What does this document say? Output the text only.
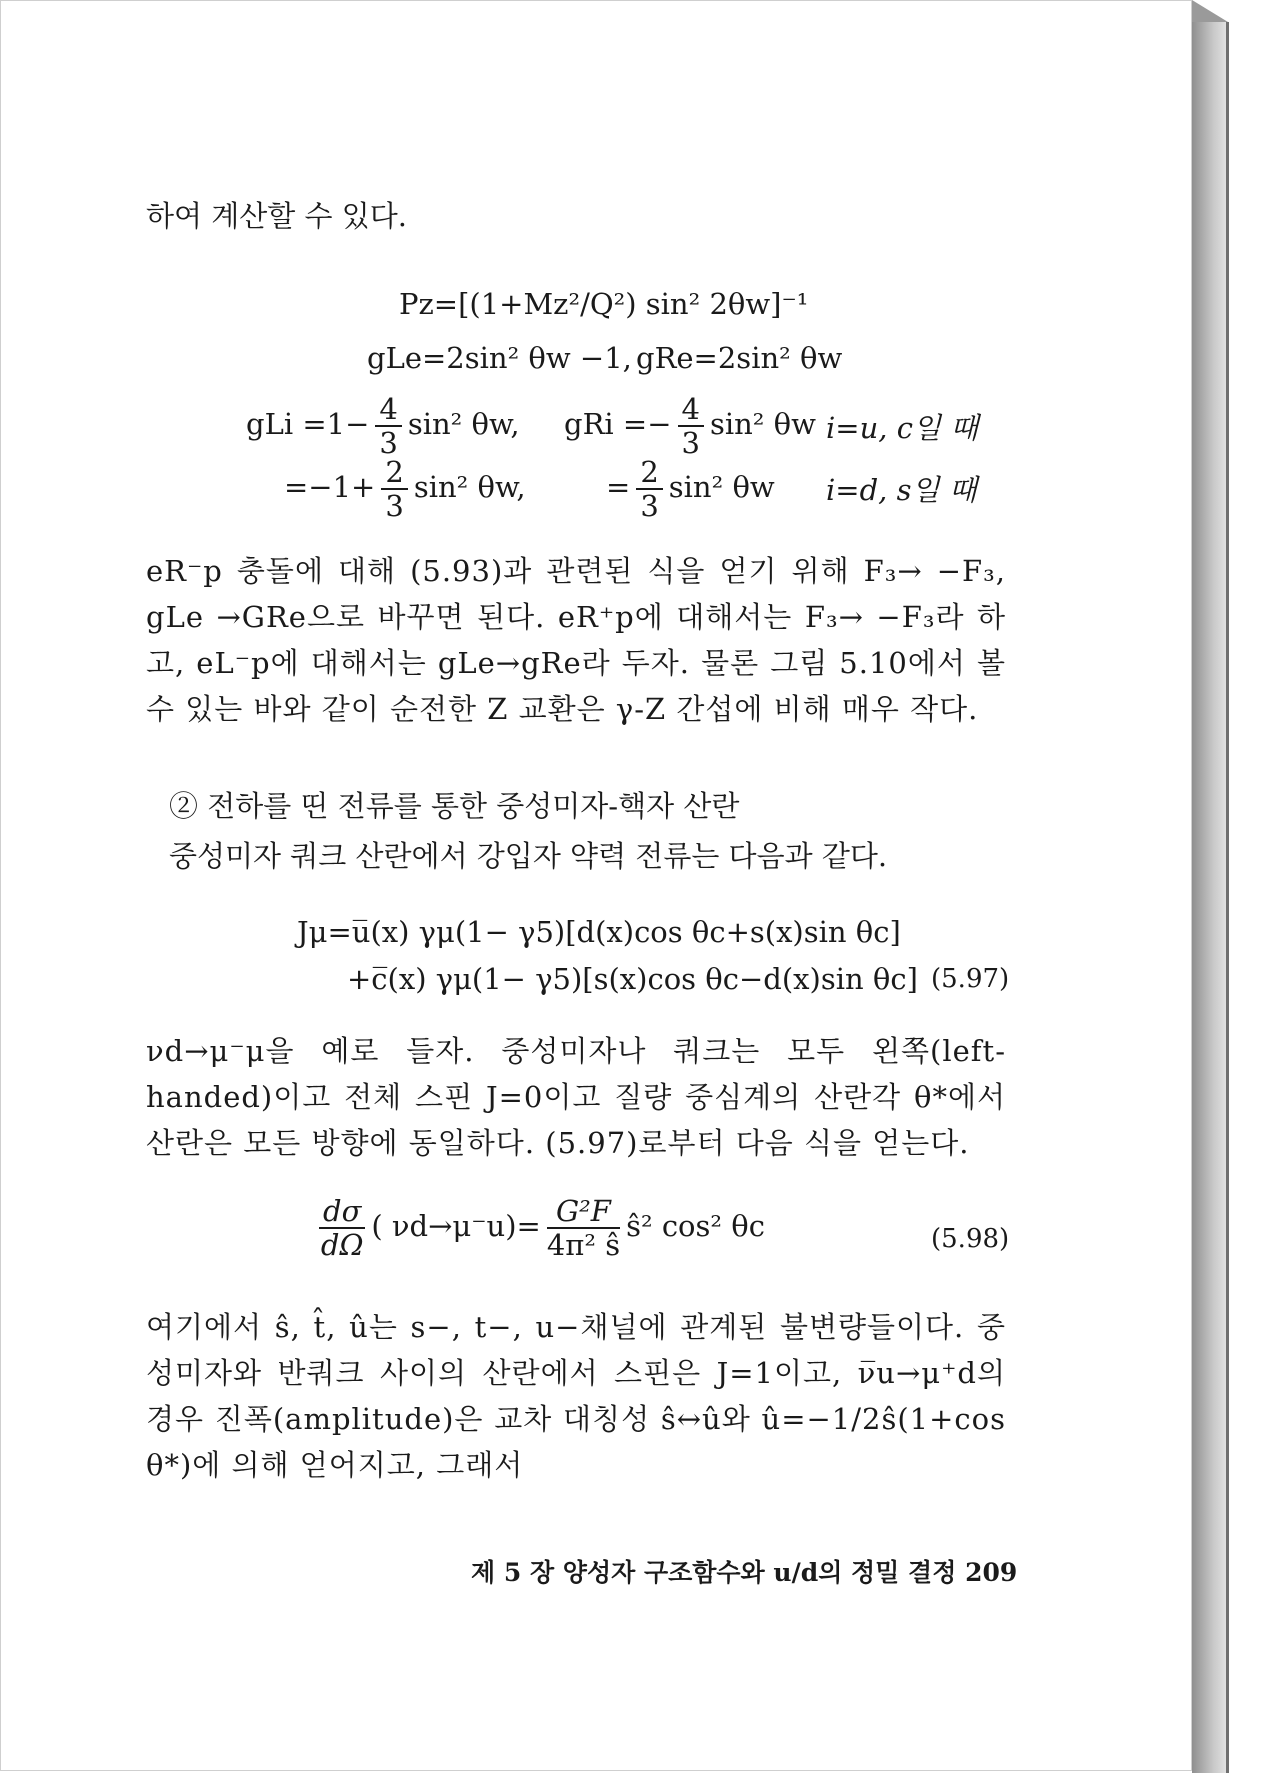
하여 계산할 수 있다.
Pz=[(1+Mz²/Q²) sin² 2θw]⁻¹
gLe=2sin² θw −1, gRe=2sin² θw
gLi $=1- \frac{4}{3} \sin^2$ θw, gRi =− $\frac{4}{3} \sin^2$ θw i=u, c일 때
$=-1+ \frac{2}{3} \sin^2$ θw,	= $\frac{2}{3} \sin^2$ θw i=d, s일 때
eR⁻p 충돌에 대해 (5.93)과 관련된 식을 얻기 위해 F₃→ −F₃, gLe →GRe으로 바꾸면 된다. eR⁺p에 대해서는 F₃→ −F₃라 하고, eL⁻p에 대해서는 gLe→gRe라 두자. 물론 그림 5.10에서 볼 수 있는 바와 같이 순전한 Z 교환은 γ-Z 간섭에 비해 매우 작다.
② 전하를 띤 전류를 통한 중성미자-핵자 산란
중성미자 쿼크 산란에서 강입자 약력 전류는 다음과 같다.
Jμ=u̅(x) γμ(1− γ5)[d(x)cos θc+s(x)sin θc]
+c̅(x) γμ(1− γ5)[s(x)cos θc−d(x)sin θc] (5.97)
νd→μ⁻μ을 예로 들자. 중성미자나 쿼크는 모두 왼쪽(left-handed)이고 전체 스핀 J=0이고 질량 중심계의 산란각 θ*에서 산란은 모든 방향에 동일하다. (5.97)로부터 다음 식을 얻는다.
$\frac{d\sigma}{d\Omega}$ ( $\nu d\to\mu^-u)= \frac{\text{G²F}}{\text{4π² ŝ}}$ ŝ² cos² θc	(5.98)
여기에서 ŝ, t̂, û는 s−, t−, u−채널에 관계된 불변량들이다. 중성미자와 반쿼크 사이의 산란에서 스핀은 J=1이고, ν̅u→μ⁺d의 경우 진폭(amplitude)은 교차 대칭성 ŝ↔û와 û=−1/2ŝ(1+cos θ*)에 의해 얻어지고, 그래서
제 5 장 양성자 구조함수와 u/d의 정밀 결정 209
